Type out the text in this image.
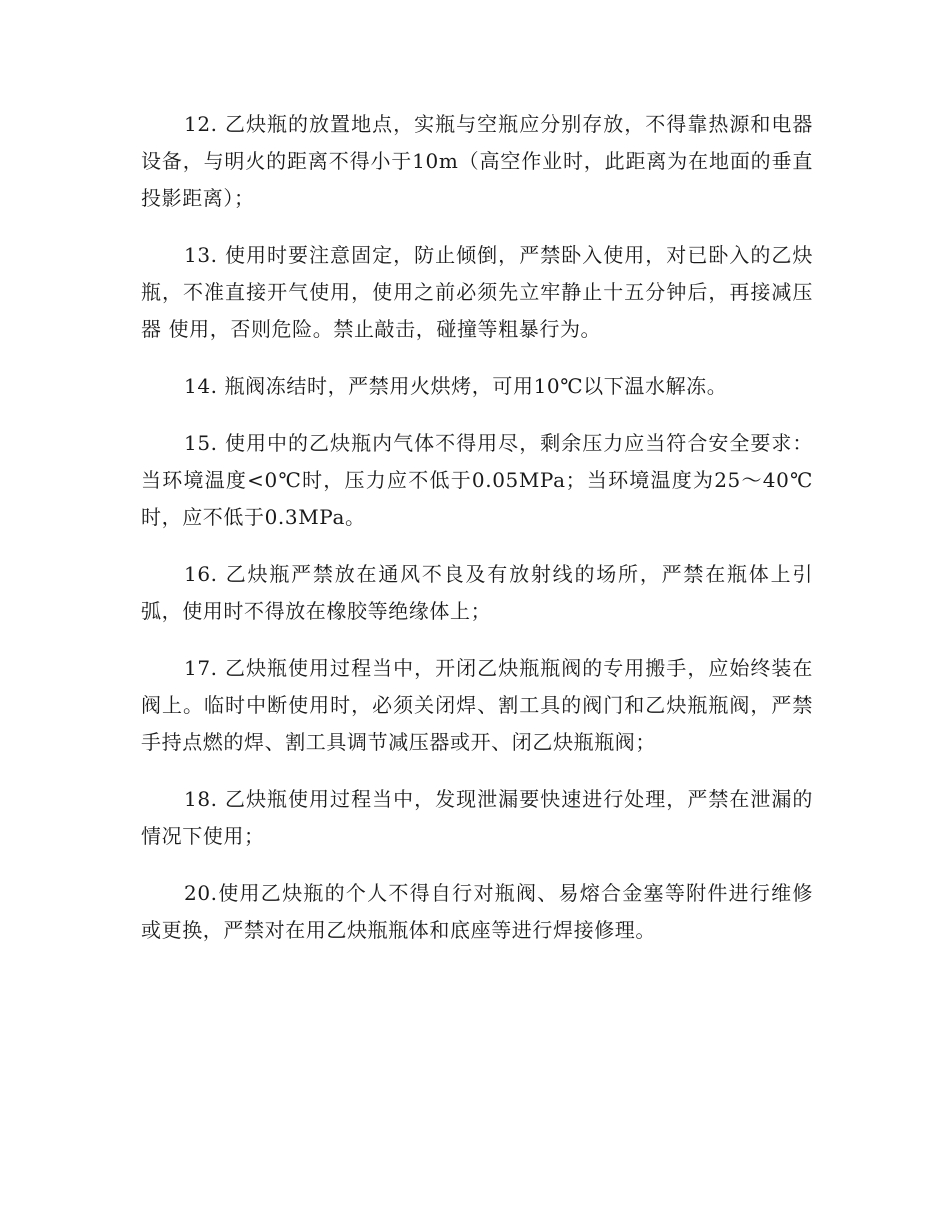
12. 乙炔瓶的放置地点，实瓶与空瓶应分别存放，不得靠热源和电器设备，与明火的距离不得小于10m（高空作业时，此距离为在地面的垂直投影距离）；

13. 使用时要注意固定，防止倾倒，严禁卧入使用，对已卧入的乙炔瓶，不准直接开气使用，使用之前必须先立牢静止十五分钟后，再接减压器 使用，否则危险。禁止敲击，碰撞等粗暴行为。

14. 瓶阀冻结时，严禁用火烘烤，可用10℃以下温水解冻。

15. 使用中的乙炔瓶内气体不得用尽，剩余压力应当符合安全要求：当环境温度<0℃时，压力应不低于0.05MPa；当环境温度为25～40℃时，应不低于0.3MPa。

16. 乙炔瓶严禁放在通风不良及有放射线的场所，严禁在瓶体上引弧，使用时不得放在橡胶等绝缘体上；

17. 乙炔瓶使用过程当中，开闭乙炔瓶瓶阀的专用搬手，应始终装在阀上。临时中断使用时，必须关闭焊、割工具的阀门和乙炔瓶瓶阀，严禁手持点燃的焊、割工具调节减压器或开、闭乙炔瓶瓶阀；

18. 乙炔瓶使用过程当中，发现泄漏要快速进行处理，严禁在泄漏的情况下使用；

20.使用乙炔瓶的个人不得自行对瓶阀、易熔合金塞等附件进行维修或更换，严禁对在用乙炔瓶瓶体和底座等进行焊接修理。
